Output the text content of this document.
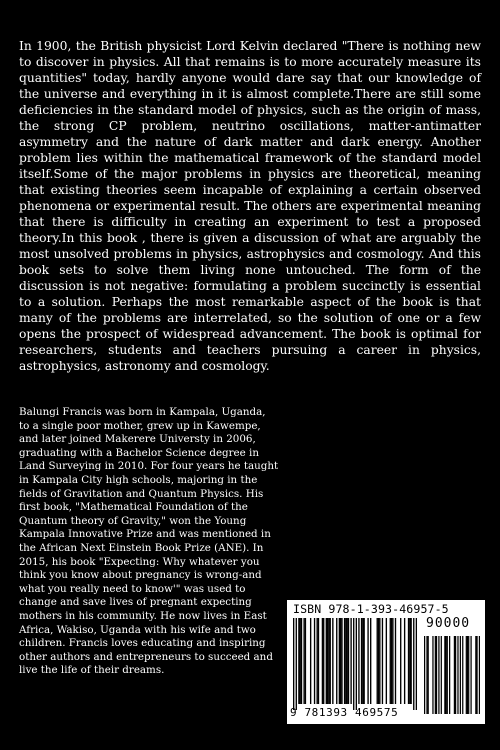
In 1900, the British physicist Lord Kelvin declared "There is nothing new to discover in physics. All that remains is to more accurately measure its quantities" today, hardly anyone would dare say that our knowledge of the universe and everything in it is almost complete.There are still some deficiencies in the standard model of physics, such as the origin of mass, the strong CP problem, neutrino oscillations, matter-antimatter asymmetry and the nature of dark matter and dark energy. Another problem lies within the mathematical framework of the standard model itself.Some of the major problems in physics are theoretical, meaning that existing theories seem incapable of explaining a certain observed phenomena or experimental result. The others are experimental meaning that there is difficulty in creating an experiment to test a proposed theory.In this book , there is given a discussion of what are arguably the most unsolved problems in physics, astrophysics and cosmology. And this book sets to solve them living none untouched. The form of the discussion is not negative: formulating a problem succinctly is essential to a solution. Perhaps the most remarkable aspect of the book is that many of the problems are interrelated, so the solution of one or a few opens the prospect of widespread advancement. The book is optimal for researchers, students and teachers pursuing a career in physics, astrophysics, astronomy and cosmology.

Balungi Francis was born in Kampala, Uganda, to a single poor mother, grew up in Kawempe, and later joined Makerere Universty in 2006, graduating with a Bachelor Science degree in Land Surveying in 2010. For four years he taught in Kampala City high schools, majoring in the fields of Gravitation and Quantum Physics. His first book, "Mathematical Foundation of the Quantum theory of Gravity," won the Young Kampala Innovative Prize and was mentioned in the African Next Einstein Book Prize (ANE). In 2015, his book "Expecting: Why whatever you think you know about pregnancy is wrong-and what you really need to know'" was used to change and save lives of pregnant expecting mothers in his community. He now lives in East Africa, Wakiso, Uganda with his wife and two children. Francis loves educating and inspiring other authors and entrepreneurs to succeed and live the life of their dreams.

ISBN 978-1-393-46957-5
90000
9 781393 469575
